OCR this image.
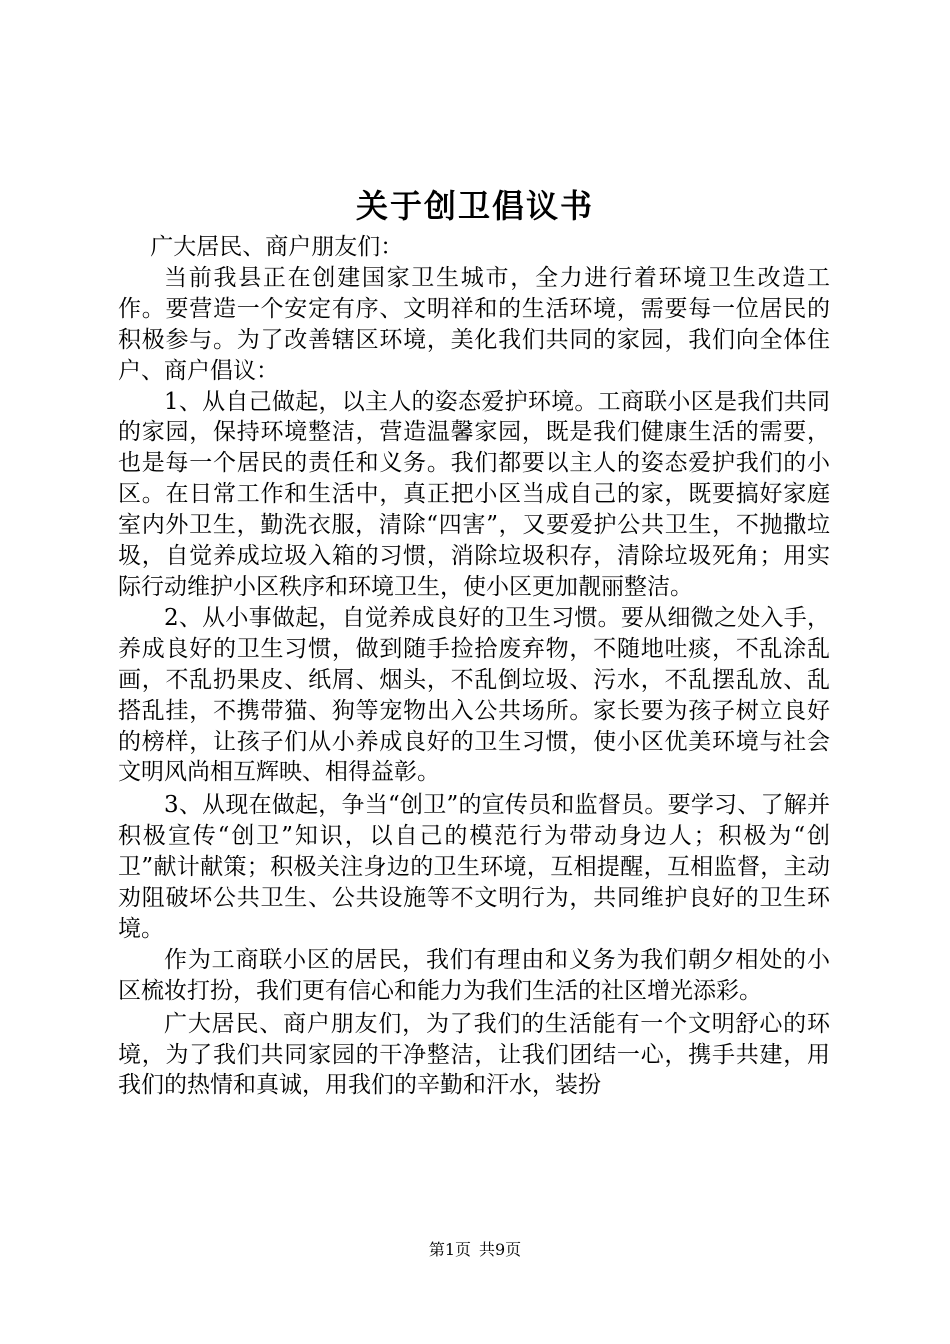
关于创卫倡议书

广大居民、商户朋友们：

当前我县正在创建国家卫生城市，全力进行着环境卫生改造工作。要营造一个安定有序、文明祥和的生活环境，需要每一位居民的积极参与。为了改善辖区环境，美化我们共同的家园，我们向全体住户、商户倡议：

1、从自己做起，以主人的姿态爱护环境。工商联小区是我们共同的家园，保持环境整洁，营造温馨家园，既是我们健康生活的需要，也是每一个居民的责任和义务。我们都要以主人的姿态爱护我们的小区。在日常工作和生活中，真正把小区当成自己的家，既要搞好家庭室内外卫生，勤洗衣服，清除“四害”，又要爱护公共卫生，不抛撒垃圾，自觉养成垃圾入箱的习惯，消除垃圾积存，清除垃圾死角；用实际行动维护小区秩序和环境卫生，使小区更加靓丽整洁。

2、从小事做起，自觉养成良好的卫生习惯。要从细微之处入手，养成良好的卫生习惯，做到随手捡拾废弃物，不随地吐痰，不乱涂乱画，不乱扔果皮、纸屑、烟头，不乱倒垃圾、污水，不乱摆乱放、乱搭乱挂，不携带猫、狗等宠物出入公共场所。家长要为孩子树立良好的榜样，让孩子们从小养成良好的卫生习惯，使小区优美环境与社会文明风尚相互辉映、相得益彰。

3、从现在做起，争当“创卫”的宣传员和监督员。要学习、了解并积极宣传“创卫”知识，以自己的模范行为带动身边人；积极为“创卫”献计献策；积极关注身边的卫生环境，互相提醒，互相监督，主动劝阻破坏公共卫生、公共设施等不文明行为，共同维护良好的卫生环境。

作为工商联小区的居民，我们有理由和义务为我们朝夕相处的小区梳妆打扮，我们更有信心和能力为我们生活的社区增光添彩。

广大居民、商户朋友们，为了我们的生活能有一个文明舒心的环境，为了我们共同家园的干净整洁，让我们团结一心，携手共建，用我们的热情和真诚，用我们的辛勤和汗水，装扮

第1页 共9页
